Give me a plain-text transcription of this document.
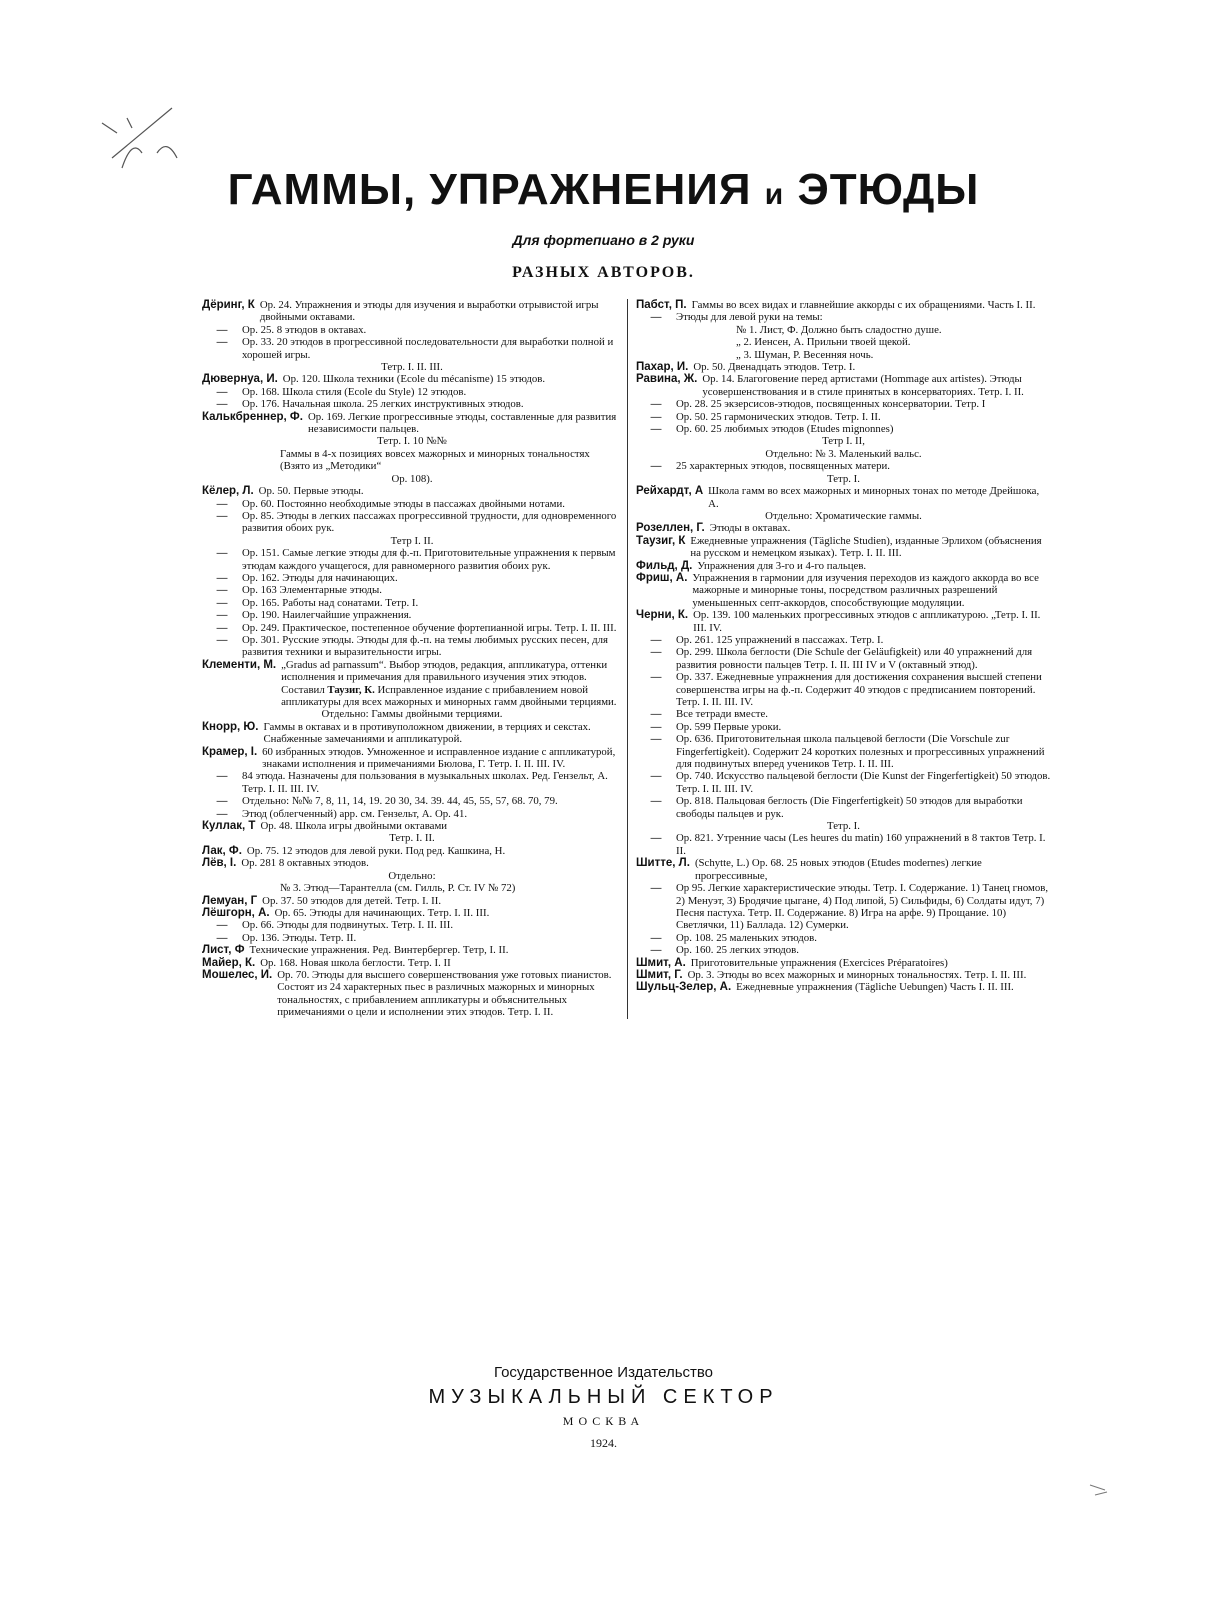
ГАММЫ, УПРАЖНЕНИЯ и ЭТЮДЫ
Для фортепиано в 2 руки
РАЗНЫХ АВТОРОВ.
Дёринг, К Op. 24. Упражнения и этюды для изучения и выработки отрывистой игры двойными октавами.
—	Op. 25. 8 этюдов в октавах.
—	Op. 33. 20 этюдов в прогрессивной последовательности для выработки полной и хорошей игры.
Тетр. I. II. III.
Дювернуа, И. Op. 120. Школа техники (Ecole du mécanisme) 15 этюдов.
—	Op. 168. Школа стиля (Ecole du Style) 12 этюдов.
—	Op. 176. Начальная школа. 25 легких инструктивных этюдов.
Калькбреннер, Ф. Op. 169. Легкие прогрессивные этюды, составленные для развития независимости пальцев.
Тетр. I. 10 №№
Гаммы в 4-х позициях вовсех мажорных и минорных тональностях (Взято из „Методики“
Op. 108).
Кёлер, Л. Op. 50. Первые этюды.
—	Op. 60. Постоянно необходимые этюды в пассажах двойными нотами.
—	Op. 85. Этюды в легких пассажах прогрессивной трудности, для одновременного развития обоих рук.
Тетр I. II.
—	Op. 151. Самые легкие этюды для ф.-п. Приготовительные упражнения к первым этюдам каждого учащегося, для равномерного развития обоих рук.
—	Op. 162. Этюды для начинающих.
—	Op. 163 Элементарные этюды.
—	Op. 165. Работы над сонатами. Тетр. I.
—	Op. 190. Наилегчайшие упражнения.
—	Op. 249. Практическое, постепенное обучение фортепианной игры. Тетр. I. II. III.
—	Op. 301. Русские этюды. Этюды для ф.-п. на темы любимых русских песен, для развития техники и выразительности игры.
Клементи, М. „Gradus ad parnassum“. Выбор этюдов, редакция, аппликатура, оттенки исполнения и примечания для правильного изучения этих этюдов. Составил Таузиг, К. Исправленное издание с прибавлением новой аппликатуры для всех мажорных и минорных гамм двойными терциями.
Отдельно: Гаммы двойными терциями.
Кнорр, Ю. Гаммы в октавах и в противуположном движении, в терциях и секстах. Снабженные замечаниями и аппликатурой.
Крамер, I. 60 избранных этюдов. Умноженное и исправленное издание с аппликатурой, знаками исполнения и примечаниями Бюлова, Г. Тетр. I. II. III. IV.
—	84 этюда. Назначены для пользования в музыкальных школах. Ред. Гензельт, А. Тетр. I. II. III. IV.
—	Отдельно: №№ 7, 8, 11, 14, 19. 20 30, 34. 39. 44, 45, 55, 57, 68. 70, 79.
—	Этюд (облегченный) арр. см. Гензельт, А. Op. 41.
Куллак, Т Op. 48. Школа игры двойными октавами
Тетр. I. II.
Лак, Ф. Op. 75. 12 этюдов для левой руки. Под ред. Кашкина, Н.
Лёв, I. Op. 281 8 октавных этюдов.
Отдельно:
№ 3. Этюд—Тарантелла (см. Гилль, Р. Ст. IV № 72)
Лемуан, Г Op. 37. 50 этюдов для детей. Тетр. I. II.
Лёшгорн, А. Op. 65. Этюды для начинающих. Тетр. I. II. III.
—	Op. 66. Этюды для подвинутых. Тетр. I. II. III.
—	Op. 136. Этюды. Тетр. II.
Лист, Ф Технические упражнения. Ред. Винтербергер. Тетр, I. II.
Майер, К. Op. 168. Новая школа беглости. Тетр. I. II
Мошелес, И. Op. 70. Этюды для высшего совершенствования уже готовых пианистов. Состоят из 24 характерных пьес в различных мажорных и минорных тональностях, с прибавлением аппликатуры и объяснительных примечаниями о цели и исполнении этих этюдов. Тетр. I. II.
Пабст, П. Гаммы во всех видах и главнейшие аккорды с их обращениями. Часть I. II.
—	Этюды для левой руки на темы:
№ 1. Лист, Ф. Должно быть сладостно душе.
„ 2. Иенсен, А. Прильни твоей щекой.
„ 3. Шуман, Р. Весенняя ночь.
Пахар, И. Op. 50. Двенадцать этюдов. Тетр. I.
Равина, Ж. Op. 14. Благоговение перед артистами (Hommage aux artistes). Этюды усовершенствования и в стиле принятых в консерваториях. Тетр. I. II.
—	Op. 28. 25 экзерсисов-этюдов, посвященных консерватории. Тетр. I
—	Op. 50. 25 гармонических этюдов. Тетр. I. II.
—	Op. 60. 25 любимых этюдов (Etudes mignonnes)
Тетр I. II,
Отдельно: № 3. Маленький вальс.
—	25 характерных этюдов, посвященных матери.
Тетр. I.
Рейхардт, А Школа гамм во всех мажорных и минорных тонах по методе Дрейшока, А.
Отдельно: Хроматические гаммы.
Розеллен, Г. Этюды в октавах.
Таузиг, К Ежедневные упражнения (Tägliche Studien), изданные Эрлихом (объяснения на русском и немецком языках). Тетр. I. II. III.
Фильд, Д. Упражнения для 3-го и 4-го пальцев.
Фриш, А. Упражнения в гармонии для изучения переходов из каждого аккорда во все мажорные и минорные тоны, посредством различных разрешений уменьшенных септ-аккордов, способствующие модуляции.
Черни, К. Op. 139. 100 маленьких прогрессивных этюдов с аппликатурою. „Тетр. I. II. III. IV.
—	Op. 261. 125 упражнений в пассажах. Тетр. I.
—	Op. 299. Школа беглости (Die Schule der Geläufigkeit) или 40 упражнений для развития ровности пальцев Тетр. I. II. III IV и V (октавный этюд).
—	Op. 337. Ежедневные упражнения для достижения сохранения высшей степени совершенства игры на ф.-п. Содержит 40 этюдов с предписанием повторений. Тетр. I. II. III. IV.
—	Все тетради вместе.
—	Op. 599 Первые уроки.
—	Op. 636. Приготовительная школа пальцевой беглости (Die Vorschule zur Fingerfertigkeit). Содержит 24 коротких полезных и прогрессивных упражнений для подвинутых вперед учеников Тетр. I. II. III.
—	Op. 740. Искусство пальцевой беглости (Die Kunst der Fingerfertigkeit) 50 этюдов. Тетр. I. II. III. IV.
—	Op. 818. Пальцовая беглость (Die Fingerfertigkeit) 50 этюдов для выработки свободы пальцев и рук.
Тетр. I.
—	Op. 821. Утренние часы (Les heures du matin) 160 упражнений в 8 тактов Тетр. I. II.
Шитте, Л. (Schytte, L.) Op. 68. 25 новых этюдов (Etudes modernes) легкие прогрессивные,
—	Op 95. Легкие характеристические этюды. Тетр. I. Содержание. 1) Танец гномов, 2) Менуэт, 3) Бродячие цыгане, 4) Под липой, 5) Сильфиды, 6) Солдаты идут, 7) Песня пастуха. Тетр. II. Содержание. 8) Игра на арфе. 9) Прощание. 10) Светлячки, 11) Баллада. 12) Сумерки.
—	Op. 108. 25 маленьких этюдов.
—	Op. 160. 25 легких этюдов.
Шмит, А. Приготовительные упражнения (Exercices Préparatoires)
Шмит, Г. Op. 3. Этюды во всех мажорных и минорных тональностях. Тетр. I. II. III.
Шульц-Зелер, А. Ежедневные упражнения (Tägliche Uebungen) Часть I. II. III.
Государственное Издательство
МУЗЫКАЛЬНЫЙ СЕКТОР
МОСКВА
1924.
